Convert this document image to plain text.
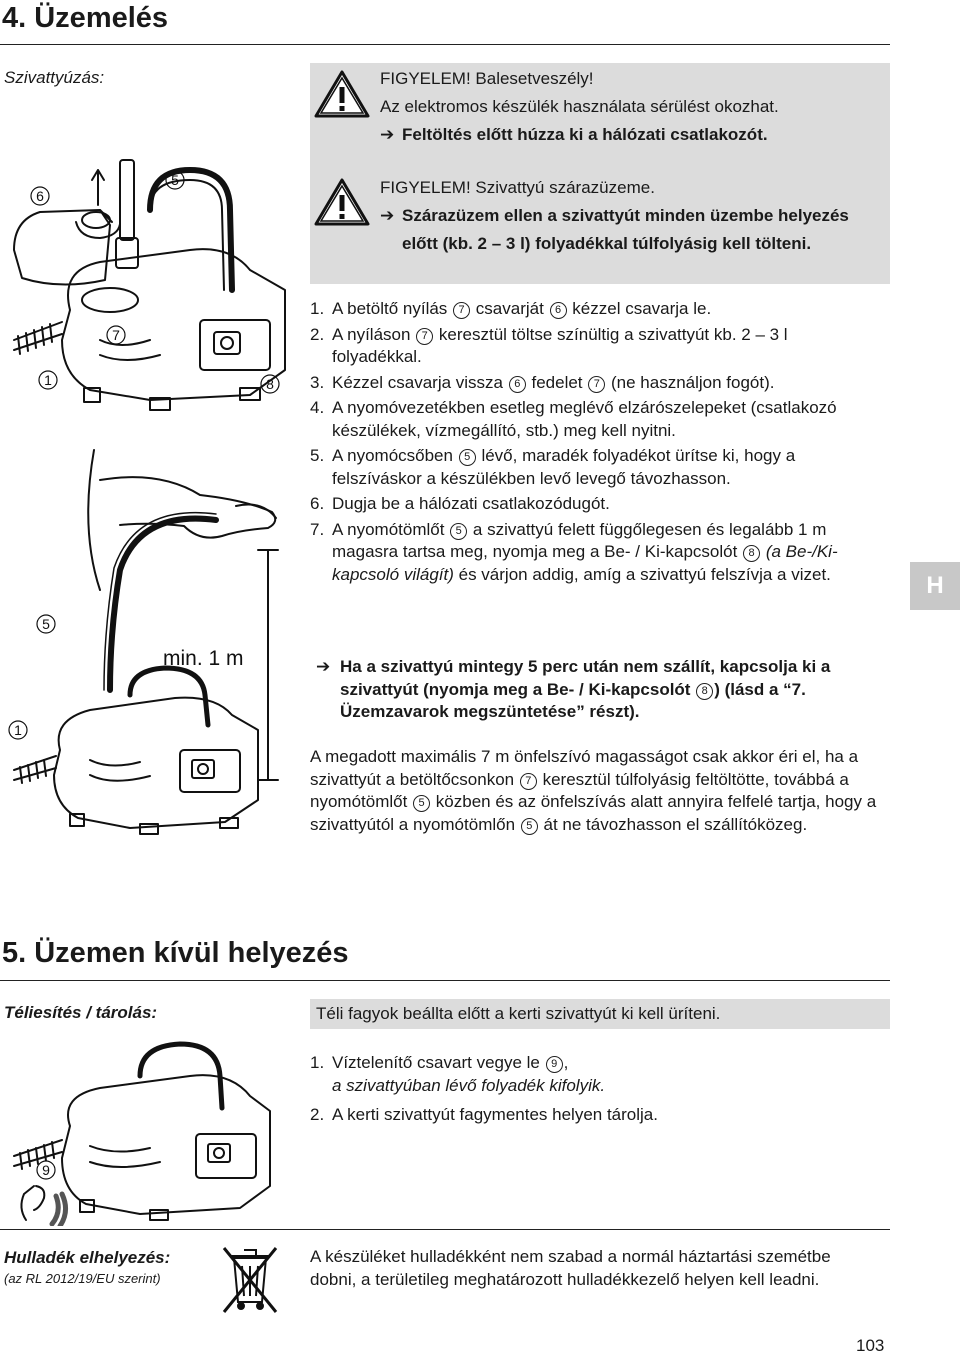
4. Üzemelés
Szivattyúzás:	FIGYELEM! Balesetveszély!
Az elektromos készülék használata sérülést okozhat.
➔ Feltöltés előtt húzza ki a hálózati csatlakozót.
FIGYELEM! Szivattyú szárazüzeme.
➔ Szárazüzem ellen a szivattyút minden üzembe helyezés előtt (kb. 2 – 3 l) folyadékkal túlfolyásig kell tölteni.
1. A betöltő nyílás 7 csavarját 6 kézzel csavarja le.
2. A nyíláson 7 keresztül töltse színültig a szivattyút kb. 2 – 3 l folyadékkal.
3. Kézzel csavarja vissza 6 fedelet 7 (ne használjon fogót).
4. A nyomóvezetékben esetleg meglévő elzárószelepeket (csatlakozó készülékek, vízmegállító, stb.) meg kell nyitni.
5. A nyomócsőben 5 lévő, maradék folyadékot ürítse ki, hogy a felszíváskor a készülékben levő levegő távozhasson.
6. Dugja be a hálózati csatlakozódugót.
7. A nyomótömlőt 5 a szivattyú felett függőlegesen és legalább 1 m magasra tartsa meg, nyomja meg a Be- / Ki-kapcsolót 8 (a Be-/Ki-kapcsoló világít) és várjon addig, amíg a szivattyú felszívja a vizet.
➔ Ha a szivattyú mintegy 5 perc után nem szállít, kapcsolja ki a szivattyút (nyomja meg a Be- / Ki-kapcsolót 8 ) (lásd a “7. Üzemzavarok megszüntetése” részt).
A megadott maximális 7 m önfelszívó magasságot csak akkor éri el, ha a szivattyút a betöltőcsonkon 7 keresztül túlfolyásig feltöltötte, továbbá a nyomótömlőt 5 közben és az önfelszívás alatt annyira felfelé tartja, hogy a szivattyútól a nyomótömlőn 5 át ne távozhasson el szállítóközeg.
H
6
5
7
1	8
5
1
min. 1 m
5. Üzemen kívül helyezés
Téliesítés / tárolás:	Téli fagyok beállta előtt a kerti szivattyút ki kell üríteni.
1. Víztelenítő csavart vegye le 9 ,
a szivattyúban lévő folyadék kifolyik.
2. A kerti szivattyút fagymentes helyen tárolja.
9
Hulladék elhelyezés:
(az RL 2012/19/EU szerint)
A készüléket hulladékként nem szabad a normál háztartási szemétbe dobni, a területileg meghatározott hulladékkezelő helyen kell leadni.
103
